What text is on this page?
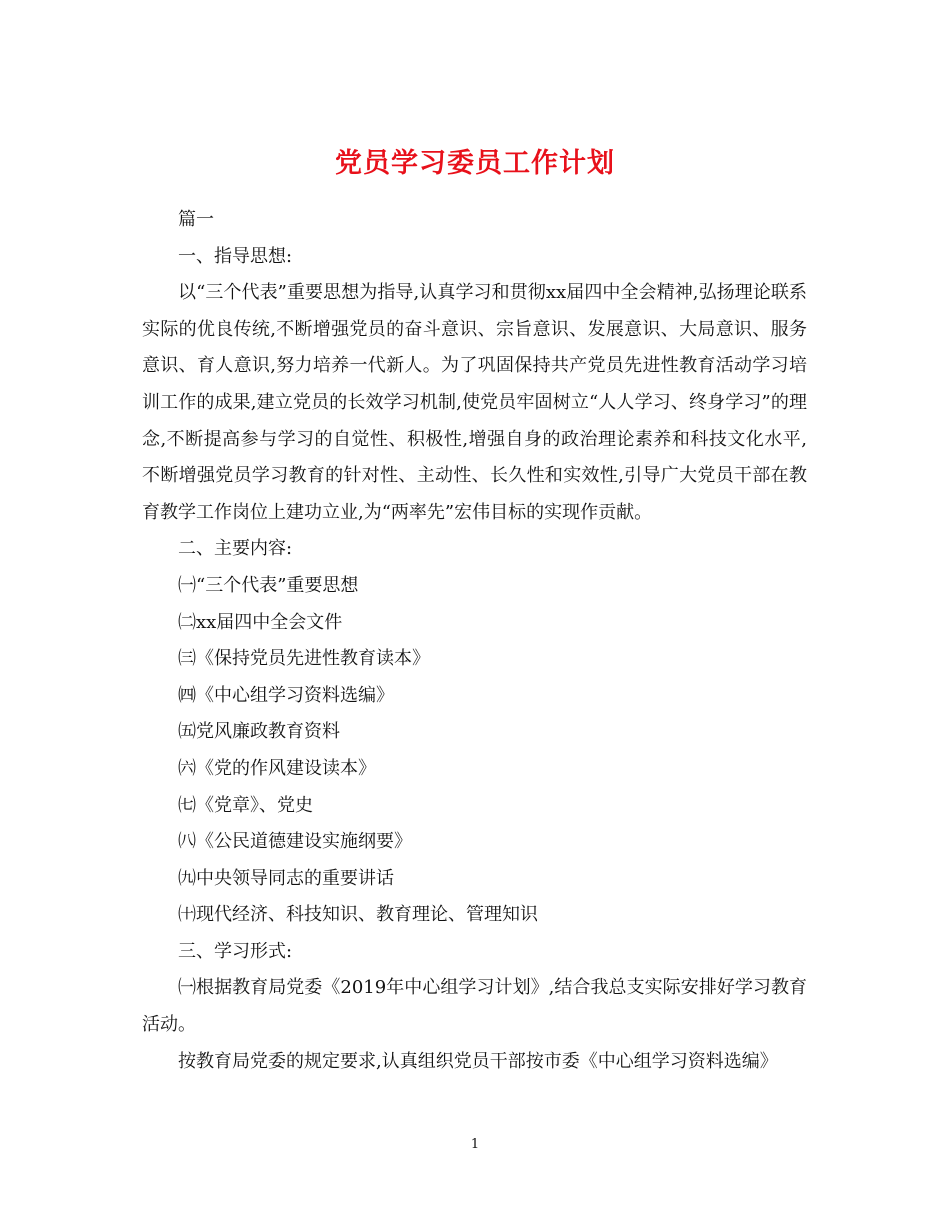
党员学习委员工作计划

篇一

一、指导思想:

以“三个代表”重要思想为指导,认真学习和贯彻xx届四中全会精神,弘扬理论联系实际的优良传统,不断增强党员的奋斗意识、宗旨意识、发展意识、大局意识、服务意识、育人意识,努力培养一代新人。为了巩固保持共产党员先进性教育活动学习培训工作的成果,建立党员的长效学习机制,使党员牢固树立“人人学习、终身学习”的理念,不断提高参与学习的自觉性、积极性,增强自身的政治理论素养和科技文化水平,不断增强党员学习教育的针对性、主动性、长久性和实效性,引导广大党员干部在教育教学工作岗位上建功立业,为“两率先”宏伟目标的实现作贡献。

二、主要内容:

㈠“三个代表”重要思想

㈡xx届四中全会文件

㈢《保持党员先进性教育读本》

㈣《中心组学习资料选编》

㈤党风廉政教育资料

㈥《党的作风建设读本》

㈦《党章》、党史

㈧《公民道德建设实施纲要》

㈨中央领导同志的重要讲话

㈩现代经济、科技知识、教育理论、管理知识

三、学习形式:

㈠根据教育局党委《2019年中心组学习计划》,结合我总支实际安排好学习教育活动。

按教育局党委的规定要求,认真组织党员干部按市委《中心组学习资料选编》

1
